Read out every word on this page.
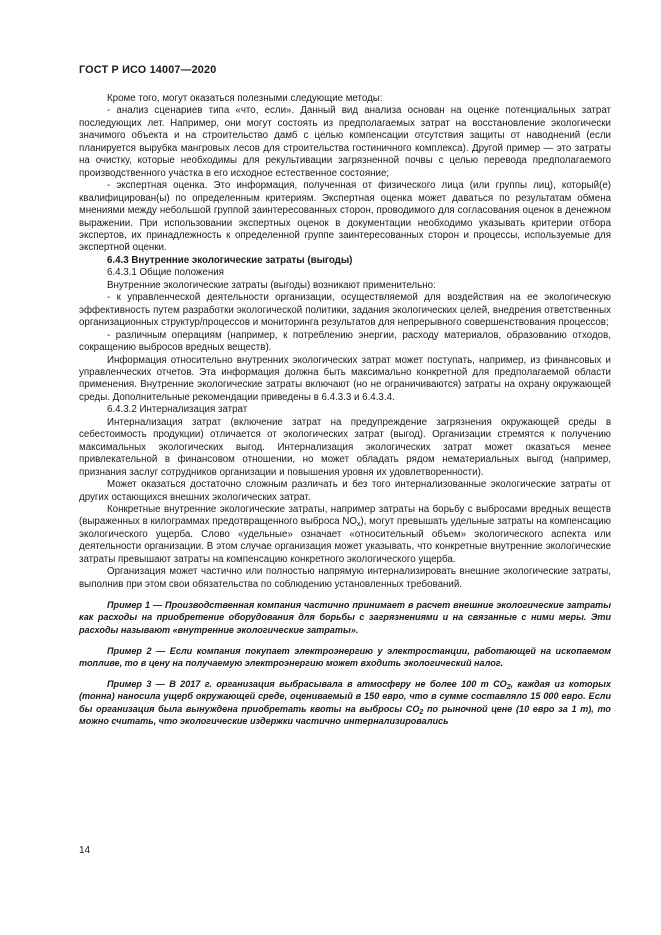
ГОСТ Р ИСО 14007—2020

Кроме того, могут оказаться полезными следующие методы:

- анализ сценариев типа «что, если». Данный вид анализа основан на оценке потенциальных затрат последующих лет. Например, они могут состоять из предполагаемых затрат на восстановление экологически значимого объекта и на строительство дамб с целью компенсации отсутствия защиты от наводнений (если планируется вырубка мангровых лесов для строительства гостиничного комплекса). Другой пример — это затраты на очистку, которые необходимы для рекультивации загрязненной почвы с целью перевода предполагаемого производственного участка в его исходное естественное состояние;

- экспертная оценка. Это информация, полученная от физического лица (или группы лиц), который(е) квалифицирован(ы) по определенным критериям. Экспертная оценка может даваться по результатам обмена мнениями между небольшой группой заинтересованных сторон, проводимого для согласования оценок в денежном выражении. При использовании экспертных оценок в документации необходимо указывать критерии отбора экспертов, их принадлежность к определенной группе заинтересованных сторон и процессы, используемые для экспертной оценки.

6.4.3 Внутренние экологические затраты (выгоды)

6.4.3.1 Общие положения

Внутренние экологические затраты (выгоды) возникают применительно:

- к управленческой деятельности организации, осуществляемой для воздействия на ее экологическую эффективность путем разработки экологической политики, задания экологических целей, внедрения ответственных организационных структур/процессов и мониторинга результатов для непрерывного совершенствования процессов;

- различным операциям (например, к потреблению энергии, расходу материалов, образованию отходов, сокращению выбросов вредных веществ).

Информация относительно внутренних экологических затрат может поступать, например, из финансовых и управленческих отчетов. Эта информация должна быть максимально конкретной для предполагаемой области применения. Внутренние экологические затраты включают (но не ограничиваются) затраты на охрану окружающей среды. Дополнительные рекомендации приведены в 6.4.3.3 и 6.4.3.4.

6.4.3.2 Интернализация затрат

Интернализация затрат (включение затрат на предупреждение загрязнения окружающей среды в себестоимость продукции) отличается от экологических затрат (выгод). Организации стремятся к получению максимальных экологических выгод. Интернализация экологических затрат может оказаться менее привлекательной в финансовом отношении, но может обладать рядом нематериальных выгод (например, признания заслуг сотрудников организации и повышения уровня их удовлетворенности).

Может оказаться достаточно сложным различать и без того интернализованные экологические затраты от других остающихся внешних экологических затрат.

Конкретные внутренние экологические затраты, например затраты на борьбу с выбросами вредных веществ (выраженных в килограммах предотвращенного выброса $NO_x$), могут превышать удельные затраты на компенсацию экологического ущерба. Слово «удельные» означает «относительный объем» экологического аспекта или деятельности организации. В этом случае организация может указывать, что конкретные внутренние экологические затраты превышают затраты на компенсацию конкретного экологического ущерба.

Организация может частично или полностью напрямую интернализировать внешние экологические затраты, выполнив при этом свои обязательства по соблюдению установленных требований.

Пример 1 — Производственная компания частично принимает в расчет внешние экологические затраты как расходы на приобретение оборудования для борьбы с загрязнениями и на связанные с ними меры. Эти расходы называют «внутренние экологические затраты».

Пример 2 — Если компания покупает электроэнергию у электростанции, работающей на ископаемом топливе, то в цену на получаемую электроэнергию может входить экологический налог.

Пример 3 — В 2017 г. организация выбрасывала в атмосферу не более 100 т $CO_2$, каждая из которых (тонна) наносила ущерб окружающей среде, оцениваемый в 150 евро, что в сумме составляло 15 000 евро. Если бы организация была вынуждена приобретать квоты на выбросы $CO_2$ по рыночной цене (10 евро за 1 т), то можно считать, что экологические издержки частично интернализировались

14
